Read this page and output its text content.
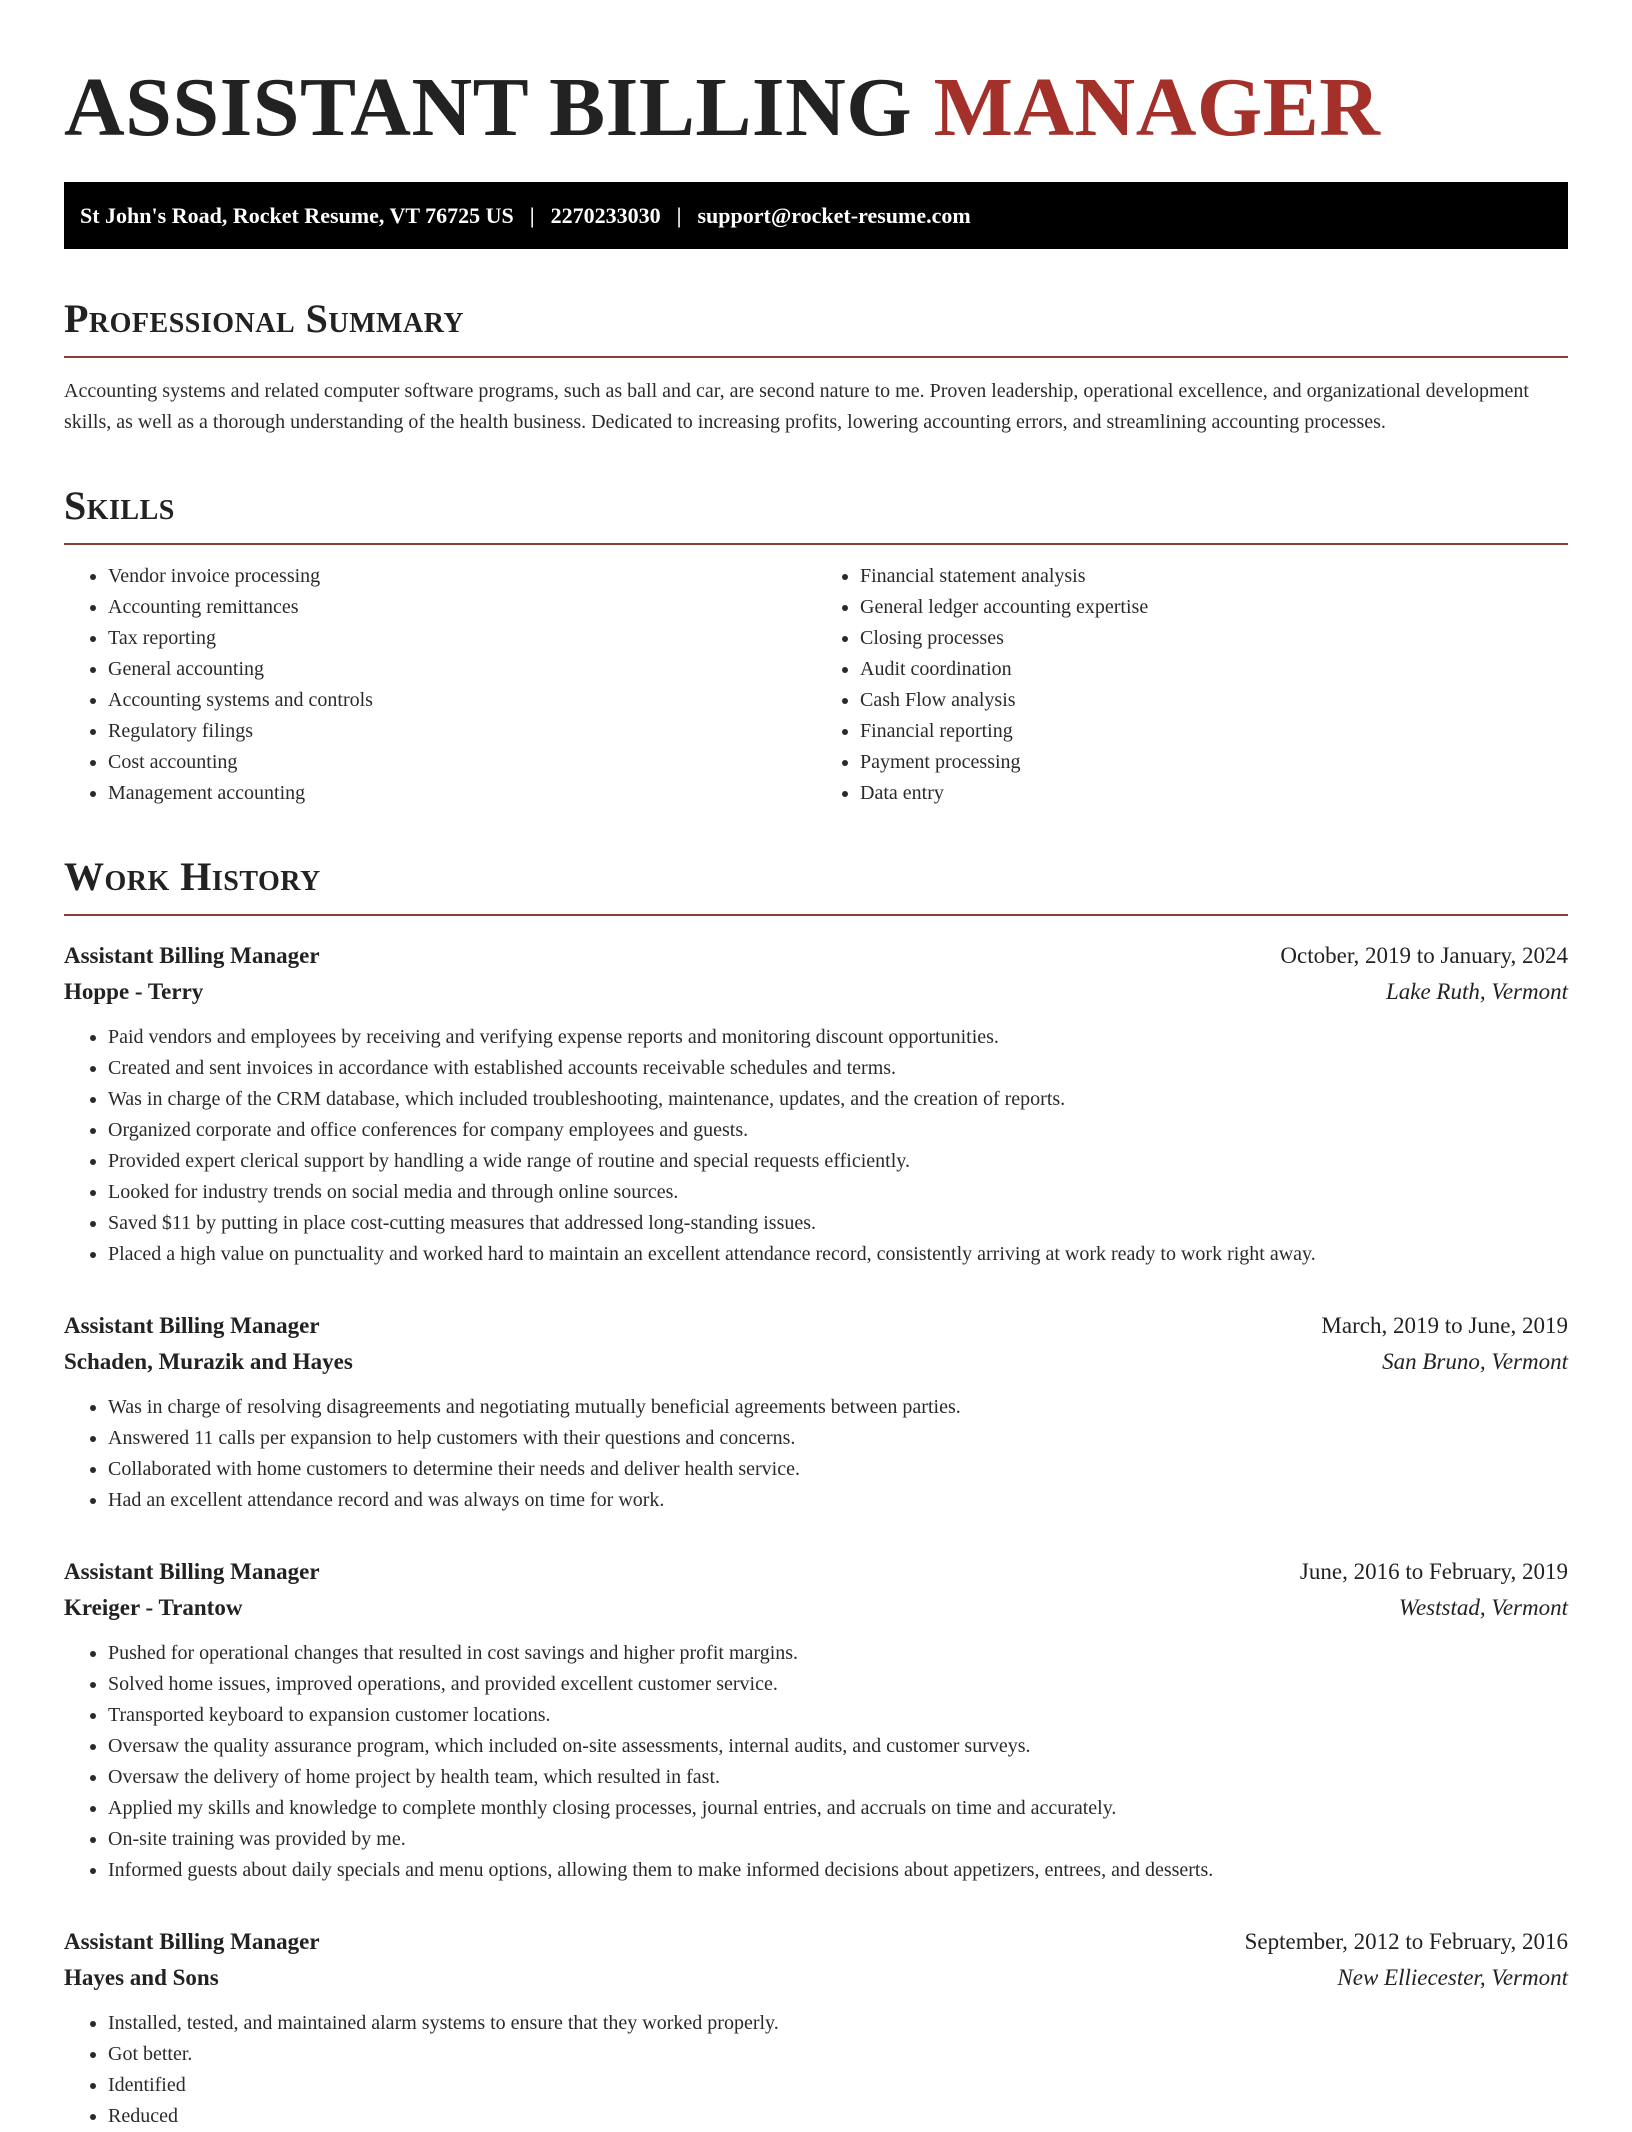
ASSISTANT BILLING MANAGER
St John's Road, Rocket Resume, VT 76725 US | 2270233030 | support@rocket-resume.com
Professional Summary

Accounting systems and related computer software programs, such as ball and car, are second nature to me. Proven leadership, operational excellence, and organizational development skills, as well as a thorough understanding of the health business. Dedicated to increasing profits, lowering accounting errors, and streamlining accounting processes.

Skills
• Vendor invoice processing
• Accounting remittances
• Tax reporting
• General accounting
• Accounting systems and controls
• Regulatory filings
• Cost accounting
• Management accounting
• Financial statement analysis
• General ledger accounting expertise
• Closing processes
• Audit coordination
• Cash Flow analysis
• Financial reporting
• Payment processing
• Data entry
Work History
Assistant Billing Manager	October, 2019 to January, 2024
Hoppe - Terry	Lake Ruth, Vermont
• Paid vendors and employees by receiving and verifying expense reports and monitoring discount opportunities.
• Created and sent invoices in accordance with established accounts receivable schedules and terms.
• Was in charge of the CRM database, which included troubleshooting, maintenance, updates, and the creation of reports.
• Organized corporate and office conferences for company employees and guests.
• Provided expert clerical support by handling a wide range of routine and special requests efficiently.
• Looked for industry trends on social media and through online sources.
• Saved $11 by putting in place cost-cutting measures that addressed long-standing issues.
• Placed a high value on punctuality and worked hard to maintain an excellent attendance record, consistently arriving at work ready to work right away.
Assistant Billing Manager	March, 2019 to June, 2019
Schaden, Murazik and Hayes	San Bruno, Vermont
• Was in charge of resolving disagreements and negotiating mutually beneficial agreements between parties.
• Answered 11 calls per expansion to help customers with their questions and concerns.
• Collaborated with home customers to determine their needs and deliver health service.
• Had an excellent attendance record and was always on time for work.
Assistant Billing Manager	June, 2016 to February, 2019
Kreiger - Trantow	Weststad, Vermont
• Pushed for operational changes that resulted in cost savings and higher profit margins.
• Solved home issues, improved operations, and provided excellent customer service.
• Transported keyboard to expansion customer locations.
• Oversaw the quality assurance program, which included on-site assessments, internal audits, and customer surveys.
• Oversaw the delivery of home project by health team, which resulted in fast.
• Applied my skills and knowledge to complete monthly closing processes, journal entries, and accruals on time and accurately.
• On-site training was provided by me.
• Informed guests about daily specials and menu options, allowing them to make informed decisions about appetizers, entrees, and desserts.
Assistant Billing Manager	September, 2012 to February, 2016
Hayes and Sons	New Elliecester, Vermont
• Installed, tested, and maintained alarm systems to ensure that they worked properly.
• Got better.
• Identified
• Reduced
